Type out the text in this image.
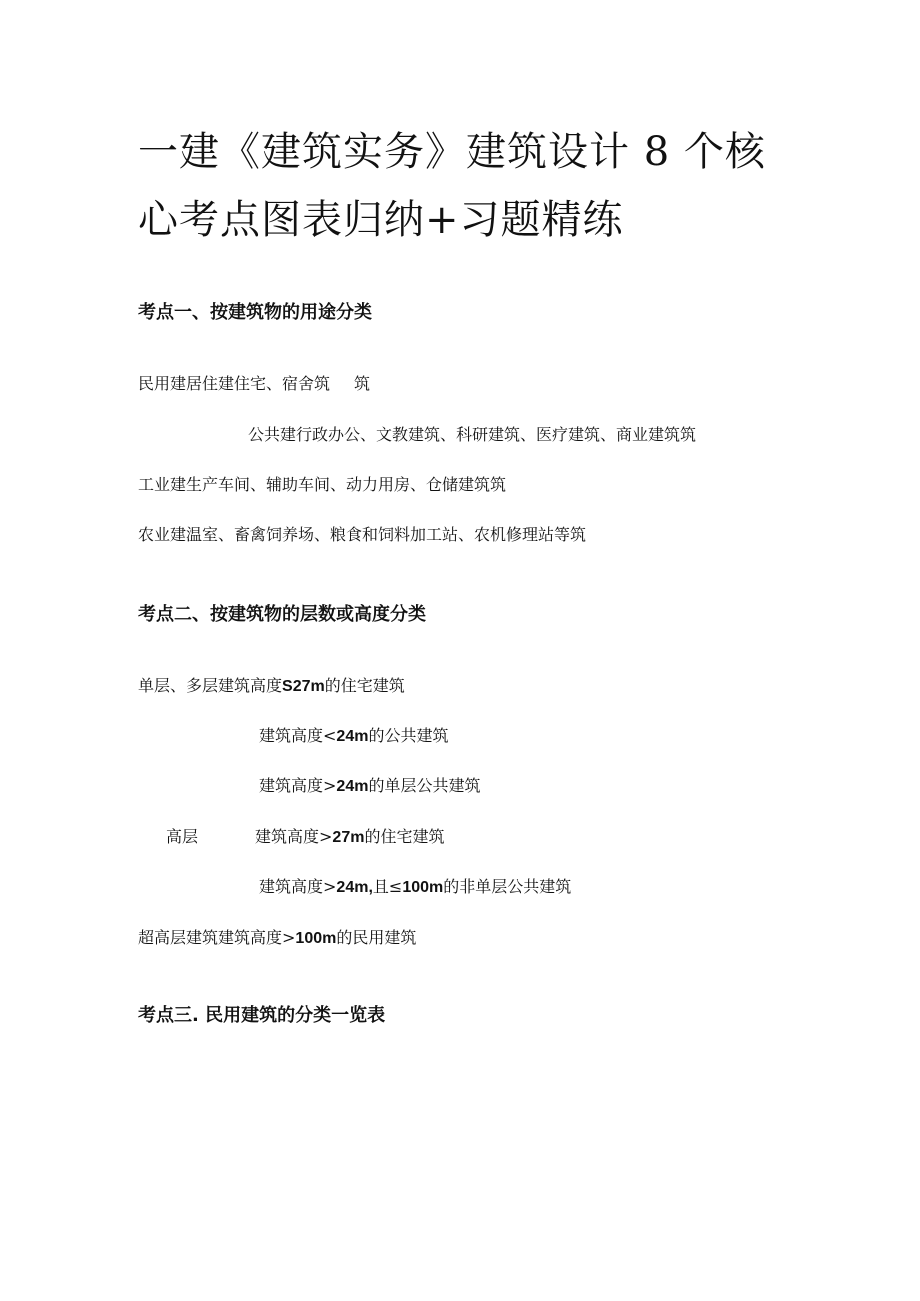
一建《建筑实务》建筑设计 8 个核
心考点图表归纳+习题精练
考点一、按建筑物的用途分类
民用建居住建住宅、宿舍筑 筑
公共建行政办公、文教建筑、科研建筑、医疗建筑、商业建筑筑
工业建生产车间、辅助车间、动力用房、仓储建筑筑
农业建温室、畜禽饲养场、粮食和饲料加工站、农机修理站等筑
考点二、按建筑物的层数或高度分类
单层、多层建筑高度S27m的住宅建筑
建筑高度<24m的公共建筑
建筑高度>24m的单层公共建筑
高层	建筑高度>27m的住宅建筑
建筑高度>24m,且≤100m的非单层公共建筑
超高层建筑建筑高度>100m的民用建筑
考点三. 民用建筑的分类一览表
